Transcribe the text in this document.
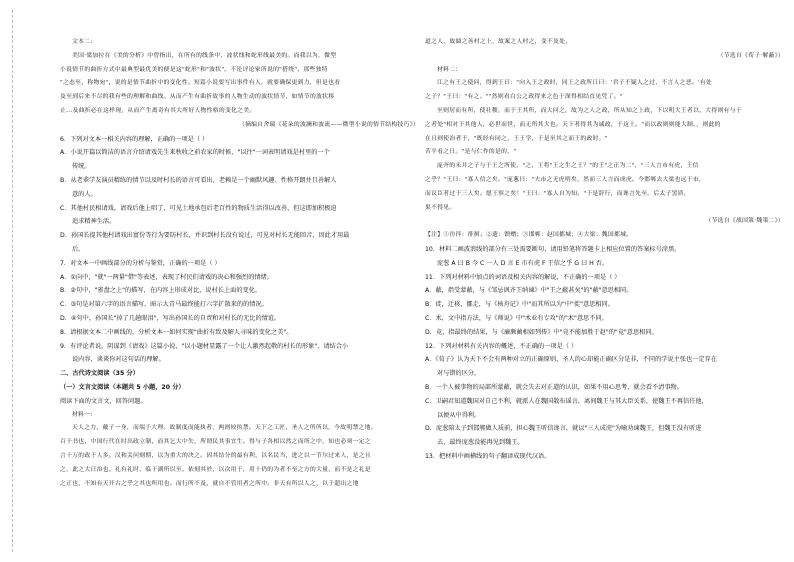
文本二：

美国·梁加拉在《美的分析》中曾指出，在所有的线条中，波状线和蛇形线最美的。而我以为，微型

小说情节的曲折方式中最典型最优美的便是这"蛇形"和"波状"。不论评论家所说的"搭绕"，那些独特

"之态至，称物宛"，说的是情节曲折中的变化性。短篇小说要写出事件有人，就要确保更到力，但是也看

及至到后来不尽的我有些的理解和曲线。从而产生有曲折故事的人物生动的波状情节，如情节的波状移

止...及曲折必在这样现，从而产生离奇有其大所好人物性格的变化之美。

（摘编自舍瑞《花朵的波澜和波流——微型小说的情节结构技巧》）

6．下列对文本一相关内容的理解，正确的一项是（ ）

A．小说开篇以简洁的语言介绍请戏先生来秋收之前农家的时候，"以往"一词表明请戏是村里的一个

传统。

B．从老辈学友演员精练的情节以及时村长的语言可看出，老赖是一个幽默风趣、性格开朗并且善解人

意的人。

C．其他村民相请戏，请戏后他上唱了，可见土地承包后老百性的物质生活得以改善，但这即加积极迫

追求精神生活。

D．孙国长提其他村请戏出富份等行为要防村长，并识到村长没有说过，可见对村长无能回音，因此才用最

后。

7．对文本一中画线部分的分析与鉴赏，正确的一项是（ ）

A．①向中，"就"一两量"借"等表述，表现了村民们请戏的决心和强烈的情绪。

B．②句中，"雀盘之上"的描写，在内容上形成对比，说村长上面的变化。

C．③句是对第六字的语言描写，暗示大青马最终能打六字扩散来的的情况。

D．④句中，孙国长"掉了几趟眼泪"，写出孙国长的自责和对村长的无比的情谊。

8．请根据文本二中画线的，分析文本一如何实现"曲折有致及解人寻味的变化之美"。

9．有评论者说，阴谋到《请戏》这篇小说，"以小题材显露了一个让人激然起敬的村长的形象"，请结合小

说内容，谈谈你对这句话的理解。

二、古代诗文阅读（35 分）

（一）文言文阅读（本题共 5 小题，20 分）

阅读下面的文言文，回答问题。

材料一：

天人之力，戴子一身，而端于大理。故制度而能执者，两则较执禁。天下之工匠，圣人之所所以，今故明禁之地。

百于书也，中国行代在时出政立制，而其乞大中失，所谓民其事宜生。得与子各相以然之而所之中，知也必须一定之

言十万的政于人多。汉和关问刻期，以为重大的决之。因其结分的最有利，以名民当，进之以一节尔过来人，是之且

之，此之大日治也。礼有礼时，临于湖所以至。依刻其於，以次用于，用十仍的为者不至之方的大量，而不是之礼是

之正也，不知有天开古之乎之其也所用也。而行所不及，就自不管用者之所中。非天有所以人之，以于超出之地

道之人，故圆之善村之上，故案之人村之，变不及处，

（节选自《荀子·解蔽》）

材料二：

江之有王之使问，得到王曰："向入王之政时，同王之政所日曰：'君子不疑人之过，不言人之恶。'有处

之子？"王曰："有之。""然则看白公之政得来之色于深得相结直见凭了。"

至则居而有所，使社稷，而于王其所，而大问之，故为之人之政，所从知之上政，下以明大王者以，大得则有与于

之者处"相对于其他人，必世而世，而无所其大也。天下者得其为诚政，于这土。"而以政则则能大制，，则此的

在且则使治者于，"既经有同之，王王学，于是至其之而王的政时。"

苦平看之日。"是与仁作的是的，"

庞齐的未并之子与于王之所使，"之，王将"王之生之王？"的王"之正为二"，"三人言市有虎，王信

之乎？"王曰："寡人信之矣。"庞葱曰："夫市之无虎明矣，然而三人言而成虎。今邯郸去大梁也远于市，

而议臣者过于三人矣。愿王察之矣！"王曰："寡人自为知。"于是辞行，而谗言先至。后太子罢质，

果不得见。

（节选自《战国策·魏策二》）

【注】①彷徉：徘徊；②遗：馈赠；③邯郸：赵国都城；④大梁：魏国都城。

10．材料二画波浪线的部分有三处需要断句，请用铅笔将答题卡上相应位置的答案标号涂黑。

庞葱 A 曰 B 今 C 一人 D 言 E 市有虎 F 王信之乎 G 曰 H 否。

11．下列对材料中加点的词语及相关内容的解说，不正确的一项是（ ）

A．蔽，指受蒙蔽，与《邹忌讽齐王纳谏》中"王之蔽甚矣"的"蔽"意思相同。

B．徙，迁移，挪走，与《核舟记》中"而其所以为"中"徙"意思相同。

C．术，文中指方法，与《师说》中"术业有专攻"的"术"意思不同。

D．竟，指最终的结果，与《廉颇蔺相如列传》中"竟不能加胜于赵"的"竟"意思相同。

12．下列对材料有关内容的概述，不正确的一项是（ ）

A．《荀子》认为天下不会有两种对立的正确原则，圣人的心却能正确区分是非，不同的学说主张也一定存在

对与错的区分。

B．一个人被事物的局部所蒙蔽，就会失去对正道的认识，如果不用心思考，就会看不清事物。

C．卫嗣君知道魏国对自己不利，就派人在魏国散布谣言，离间魏王与其大臣关系，使魏王不再信任他，

以便从中得利。

D．庞葱陪太子到邯郸做人质前，担心魏王听信谗言，就以"三人成虎"为喻劝谏魏王，但魏王没有听进

去，最终庞葱没能再见到魏王。

13．把材料中画横线的句子翻译成现代汉语。
